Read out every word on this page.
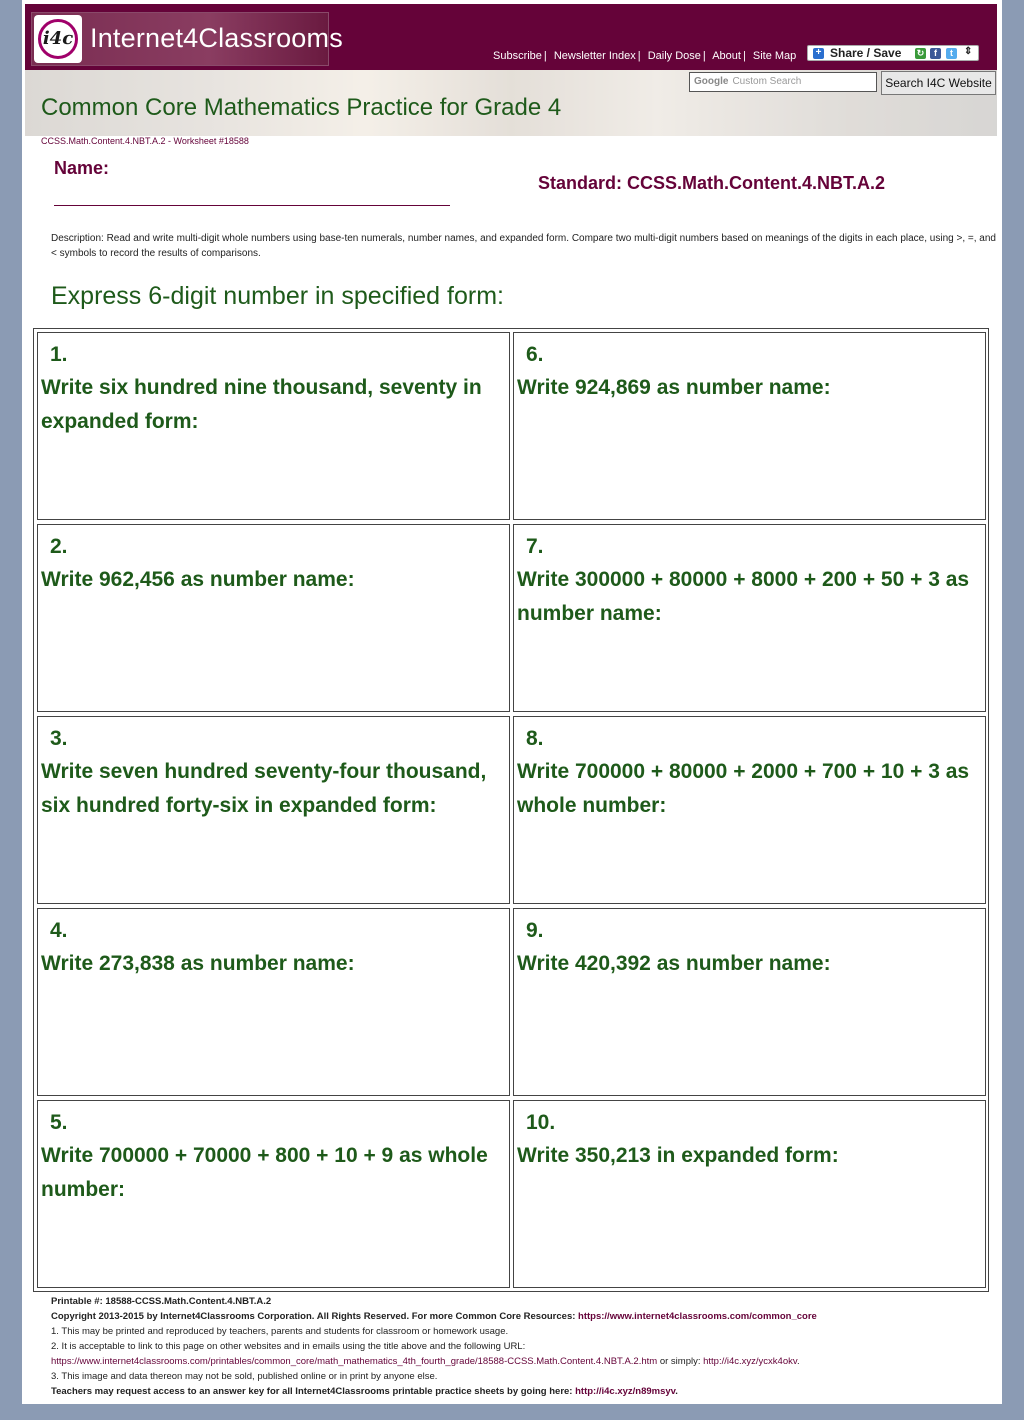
i4c Internet4Classrooms
Subscribe | Newsletter Index | Daily Dose | About | Site Map + Share / Save ↻	f	t	⇕
Google Custom Search	Search I4C Website
Common Core Mathematics Practice for Grade 4
CCSS.Math.Content.4.NBT.A.2 - Worksheet #18588
Name:
Standard: CCSS.Math.Content.4.NBT.A.2
Description: Read and write multi-digit whole numbers using base-ten numerals, number names, and expanded form. Compare two multi-digit numbers based on meanings of the digits in each place, using >, =, and < symbols to record the results of comparisons.
Express 6-digit number in specified form:
1.
Write six hundred nine thousand, seventy in expanded form:
2.
Write 962,456 as number name:
3.
Write seven hundred seventy-four thousand, six hundred forty-six in expanded form:
4.
Write 273,838 as number name:
5.
Write 700000 + 70000 + 800 + 10 + 9 as whole number:
6.
Write 924,869 as number name:
7.
Write 300000 + 80000 + 8000 + 200 + 50 + 3 as number name:
8.
Write 700000 + 80000 + 2000 + 700 + 10 + 3 as whole number:
9.
Write 420,392 as number name:
10.
Write 350,213 in expanded form:
Printable #: 18588-CCSS.Math.Content.4.NBT.A.2
Copyright 2013-2015 by Internet4Classrooms Corporation. All Rights Reserved. For more Common Core Resources: https://www.internet4classrooms.com/common_core
1. This may be printed and reproduced by teachers, parents and students for classroom or homework usage.
2. It is acceptable to link to this page on other websites and in emails using the title above and the following URL:
https://www.internet4classrooms.com/printables/common_core/math_mathematics_4th_fourth_grade/18588-CCSS.Math.Content.4.NBT.A.2.htm or simply: http://i4c.xyz/ycxk4okv.
3. This image and data thereon may not be sold, published online or in print by anyone else.
Teachers may request access to an answer key for all Internet4Classrooms printable practice sheets by going here: http://i4c.xyz/n89msyv.
